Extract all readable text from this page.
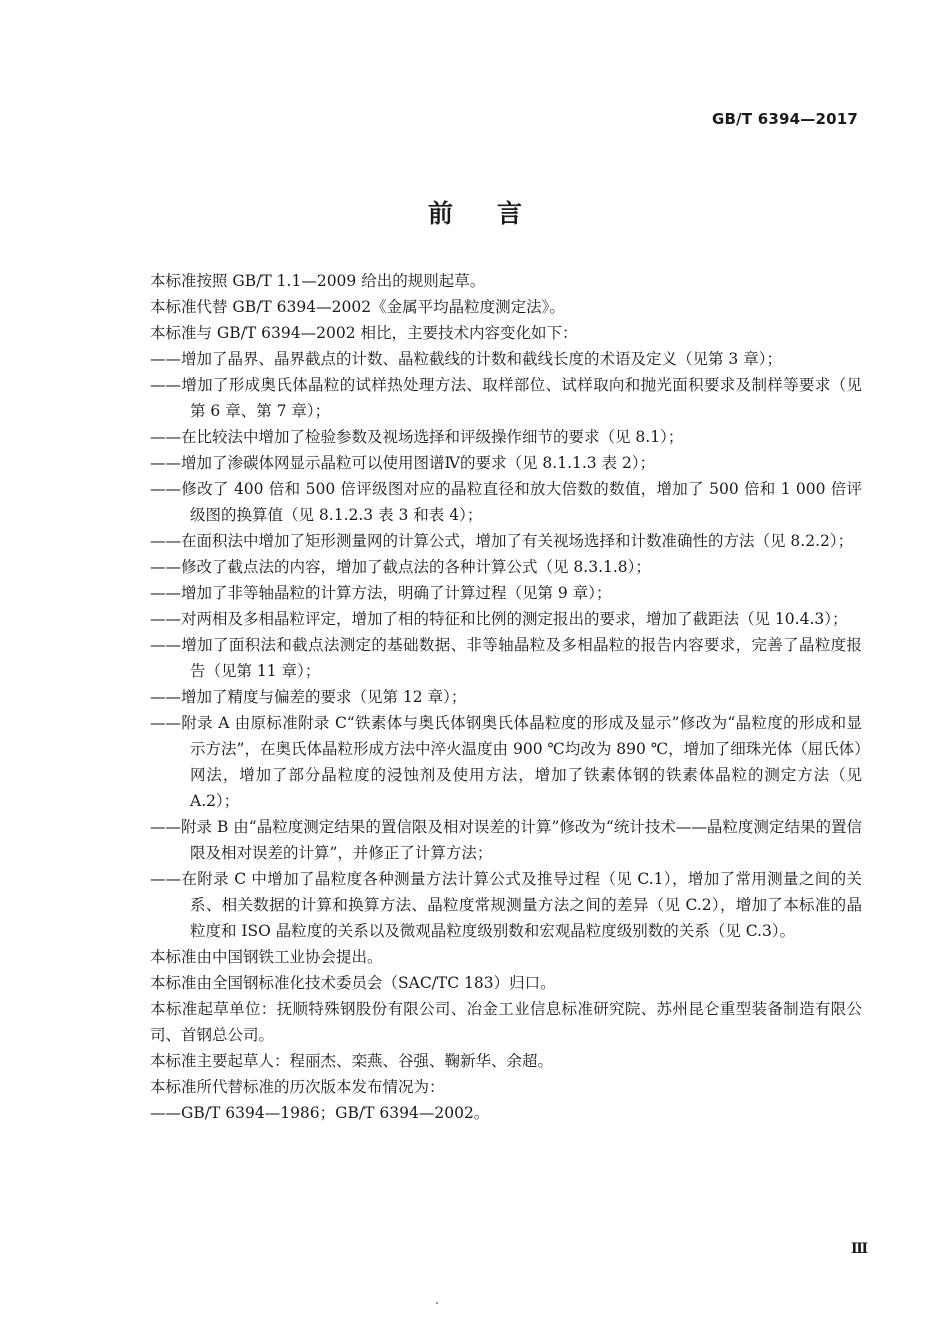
GB/T 6394—2017
前言

本标准按照 GB/T 1.1—2009 给出的规则起草。

本标准代替 GB/T 6394—2002《金属平均晶粒度测定法》。

本标准与 GB/T 6394—2002 相比，主要技术内容变化如下：

——增加了晶界、晶界截点的计数、晶粒截线的计数和截线长度的术语及定义（见第 3 章）；

——增加了形成奥氏体晶粒的试样热处理方法、取样部位、试样取向和抛光面积要求及制样等要求（见第 6 章、第 7 章）；

——在比较法中增加了检验参数及视场选择和评级操作细节的要求（见 8.1）；

——增加了渗碳体网显示晶粒可以使用图谱Ⅳ的要求（见 8.1.1.3 表 2）；

——修改了 400 倍和 500 倍评级图对应的晶粒直径和放大倍数的数值，增加了 500 倍和 1 000 倍评级图的换算值（见 8.1.2.3 表 3 和表 4）；

——在面积法中增加了矩形测量网的计算公式，增加了有关视场选择和计数准确性的方法（见 8.2.2）；

——修改了截点法的内容，增加了截点法的各种计算公式（见 8.3.1.8）；

——增加了非等轴晶粒的计算方法，明确了计算过程（见第 9 章）；

——对两相及多相晶粒评定，增加了相的特征和比例的测定报出的要求，增加了截距法（见 10.4.3）；

——增加了面积法和截点法测定的基础数据、非等轴晶粒及多相晶粒的报告内容要求，完善了晶粒度报告（见第 11 章）；

——增加了精度与偏差的要求（见第 12 章）；

——附录 A 由原标准附录 C“铁素体与奥氏体钢奥氏体晶粒度的形成及显示”修改为“晶粒度的形成和显示方法”，在奥氏体晶粒形成方法中淬火温度由 900 ℃均改为 890 ℃，增加了细珠光体（屈氏体）网法，增加了部分晶粒度的浸蚀剂及使用方法，增加了铁素体钢的铁素体晶粒的测定方法（见 A.2）；

——附录 B 由“晶粒度测定结果的置信限及相对误差的计算”修改为“统计技术——晶粒度测定结果的置信限及相对误差的计算”，并修正了计算方法；

——在附录 C 中增加了晶粒度各种测量方法计算公式及推导过程（见 C.1），增加了常用测量之间的关系、相关数据的计算和换算方法、晶粒度常规测量方法之间的差异（见 C.2），增加了本标准的晶粒度和 ISO 晶粒度的关系以及微观晶粒度级别数和宏观晶粒度级别数的关系（见 C.3）。

本标准由中国钢铁工业协会提出。

本标准由全国钢标准化技术委员会（SAC/TC 183）归口。

本标准起草单位：抚顺特殊钢股份有限公司、冶金工业信息标准研究院、苏州昆仑重型装备制造有限公司、首钢总公司。

本标准主要起草人：程丽杰、栾燕、谷强、鞠新华、余超。

本标准所代替标准的历次版本发布情况为：

——GB/T 6394—1986；GB/T 6394—2002。

Ⅲ
